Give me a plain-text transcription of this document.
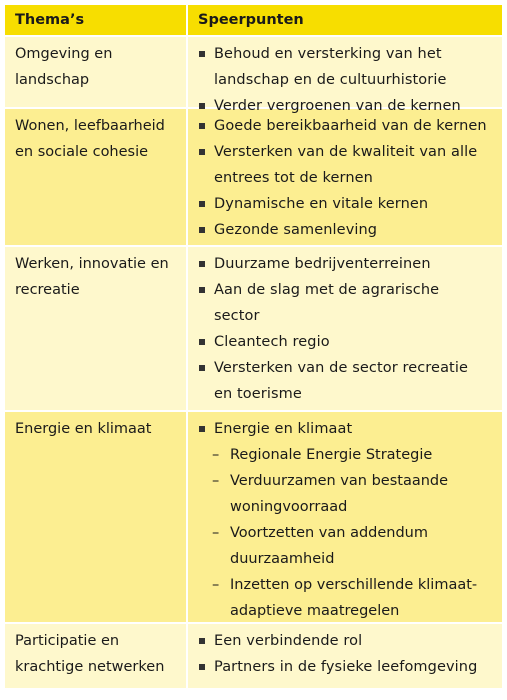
Thema’s	Speerpunten
Omgeving en
landschap
Behoud en versterking van het
landschap en de cultuurhistorie
Verder vergroenen van de kernen
Wonen, leefbaarheid
en sociale cohesie
Goede bereikbaarheid van de kernen
Versterken van de kwaliteit van alle
entrees tot de kernen
Dynamische en vitale kernen
Gezonde samenleving
Werken, innovatie en
recreatie
Duurzame bedrijventerreinen
Aan de slag met de agrarische
sector
Cleantech regio
Versterken van de sector recreatie
en toerisme
Energie en klimaat	Energie en klimaat
– Regionale Energie Strategie
– Verduurzamen van bestaande
woningvoorraad
– Voortzetten van addendum
duurzaamheid
– Inzetten op verschillende klimaat-
adaptieve maatregelen
Participatie en
krachtige netwerken
Een verbindende rol
Partners in de fysieke leefomgeving
